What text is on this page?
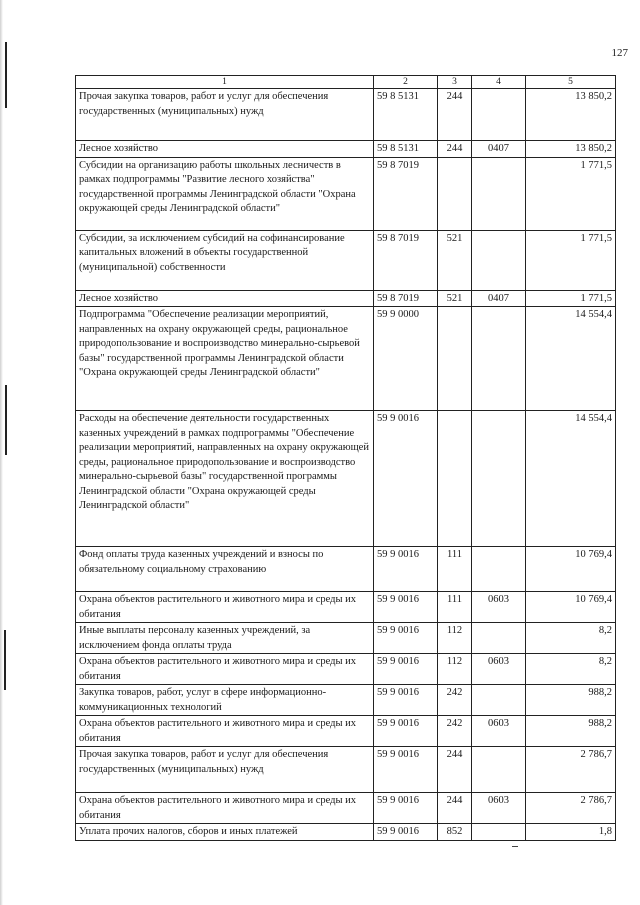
127
1	2	3	4	5
Прочая закупка товаров, работ и услуг для обеспечения государственных (муниципальных) нужд	59 8 5131	244		13 850,2
Лесное хозяйство	59 8 5131	244	0407	13 850,2
Субсидии на организацию работы школьных лесничеств в рамках подпрограммы "Развитие лесного хозяйства" государственной программы Ленинградской области "Охрана окружающей среды Ленинградской области"	59 8 7019			1 771,5
Субсидии, за исключением субсидий на софинансирование капитальных вложений в объекты государственной (муниципальной) собственности	59 8 7019	521		1 771,5
Лесное хозяйство	59 8 7019	521	0407	1 771,5
Подпрограмма "Обеспечение реализации мероприятий, направленных на охрану окружающей среды, рациональное природопользование и воспроизводство минерально-сырьевой базы" государственной программы Ленинградской области "Охрана окружающей среды Ленинградской области"	59 9 0000			14 554,4
Расходы на обеспечение деятельности государственных казенных учреждений в рамках подпрограммы "Обеспечение реализации мероприятий, направленных на охрану окружающей среды, рациональное природопользование и воспроизводство минерально-сырьевой базы" государственной программы Ленинградской области "Охрана окружающей среды Ленинградской области"	59 9 0016			14 554,4
Фонд оплаты труда казенных учреждений и взносы по обязательному социальному страхованию	59 9 0016	111		10 769,4
Охрана объектов растительного и животного мира и среды их обитания	59 9 0016	111	0603	10 769,4
Иные выплаты персоналу казенных учреждений, за исключением фонда оплаты труда	59 9 0016	112		8,2
Охрана объектов растительного и животного мира и среды их обитания	59 9 0016	112	0603	8,2
Закупка товаров, работ, услуг в сфере информационно-коммуникационных технологий	59 9 0016	242		988,2
Охрана объектов растительного и животного мира и среды их обитания	59 9 0016	242	0603	988,2
Прочая закупка товаров, работ и услуг для обеспечения государственных (муниципальных) нужд	59 9 0016	244		2 786,7
Охрана объектов растительного и животного мира и среды их обитания	59 9 0016	244	0603	2 786,7
Уплата прочих налогов, сборов и иных платежей	59 9 0016	852		1,8
